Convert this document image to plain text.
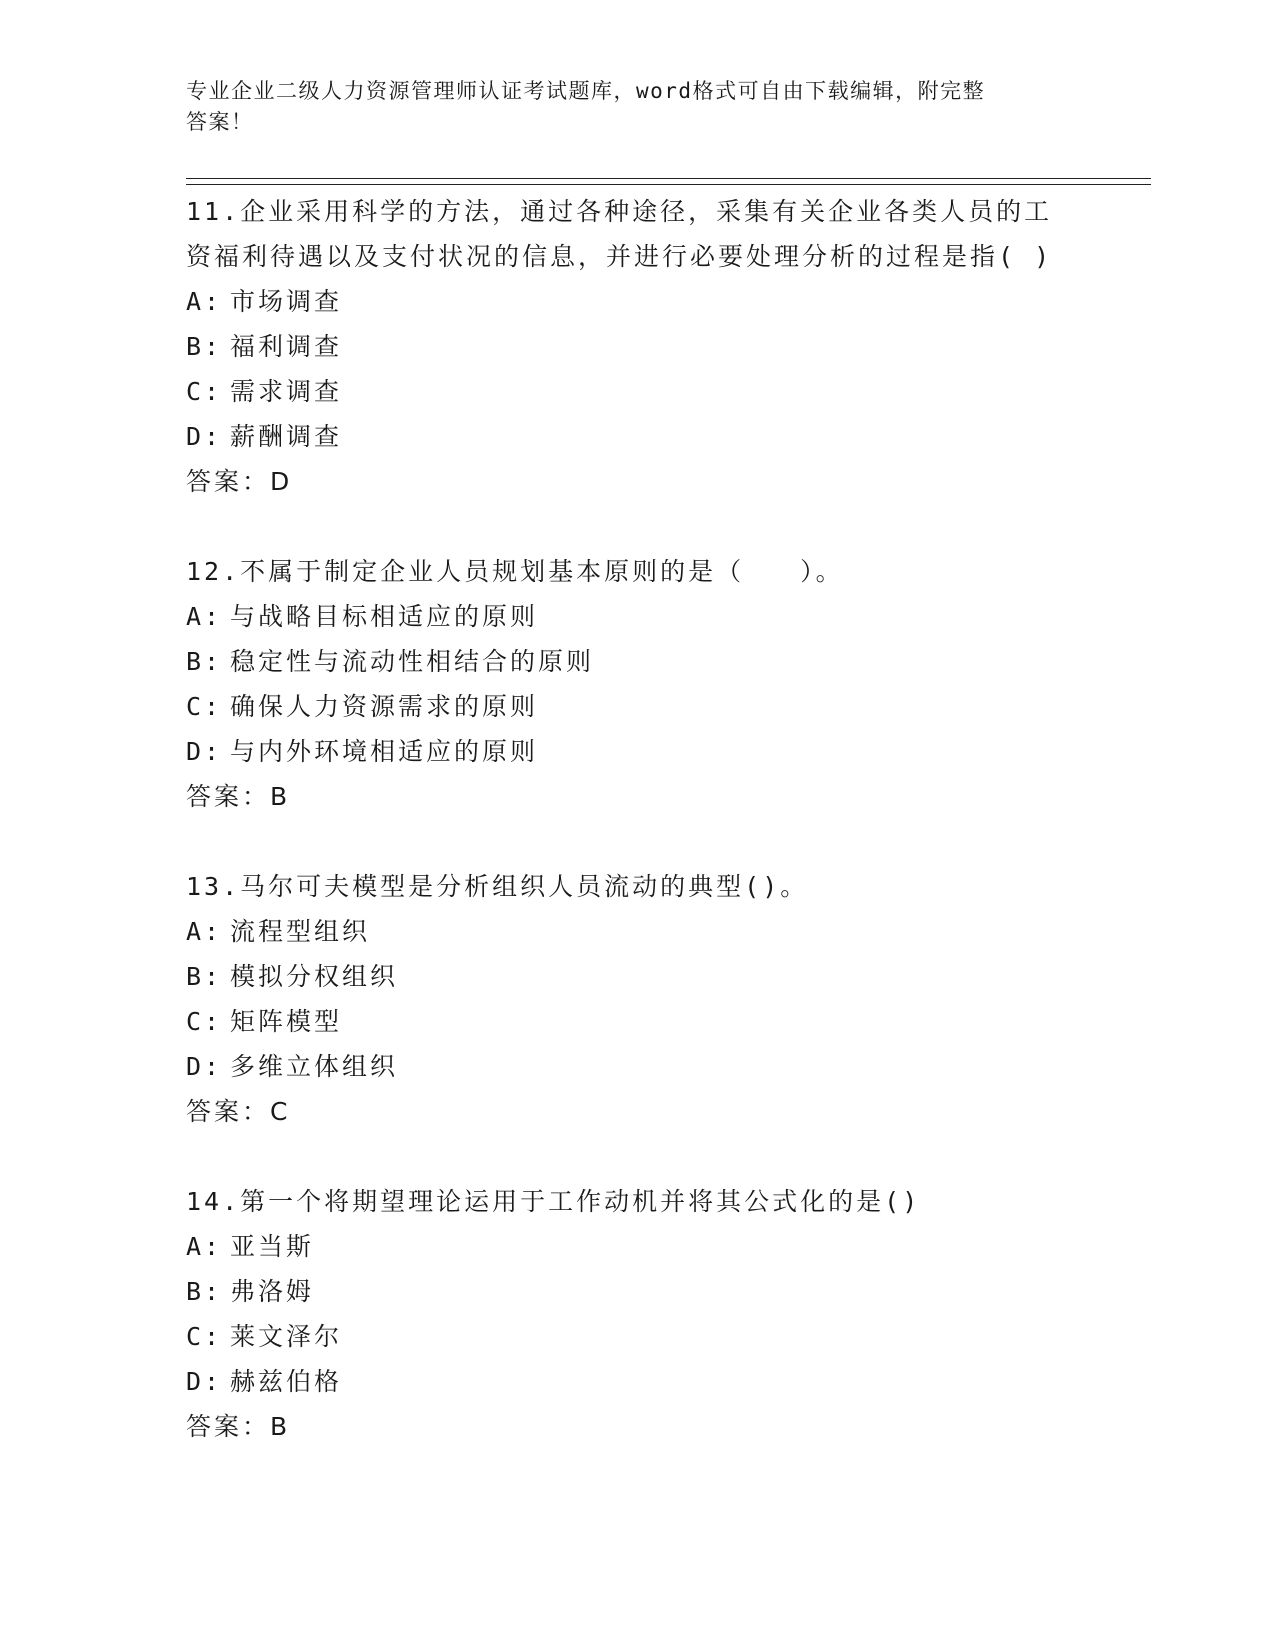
专业企业二级人力资源管理师认证考试题库，word格式可自由下载编辑，附完整
答案！
11.企业采用科学的方法，通过各种途径，采集有关企业各类人员的工
资福利待遇以及支付状况的信息，并进行必要处理分析的过程是指( )
A: 市场调查
B: 福利调查
C: 需求调查
D: 薪酬调查
答案：D
12.不属于制定企业人员规划基本原则的是（　　）。
A: 与战略目标相适应的原则
B: 稳定性与流动性相结合的原则
C: 确保人力资源需求的原则
D: 与内外环境相适应的原则
答案：B
13.马尔可夫模型是分析组织人员流动的典型()。
A: 流程型组织
B: 模拟分权组织
C: 矩阵模型
D: 多维立体组织
答案：C
14.第一个将期望理论运用于工作动机并将其公式化的是()
A: 亚当斯
B: 弗洛姆
C: 莱文泽尔
D: 赫兹伯格
答案：B
